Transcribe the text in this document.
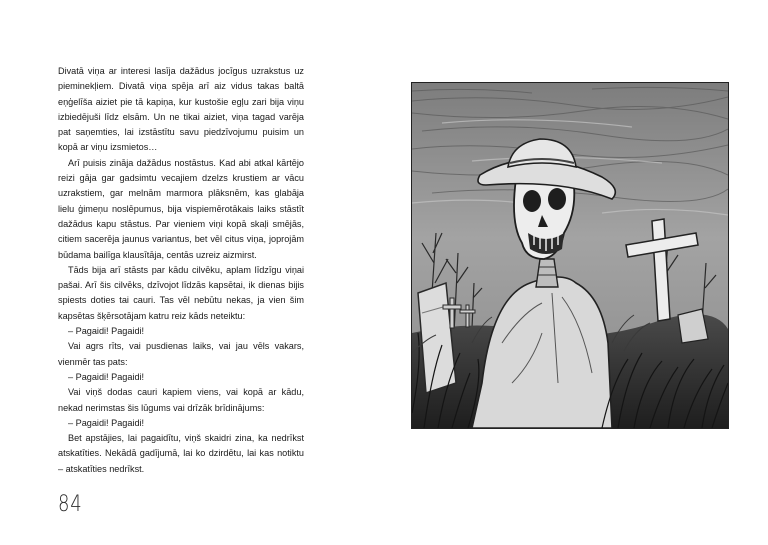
Divatā viņa ar interesi lasīja dažādus jocīgus uzrakstus uz pieminekļiem. Divatā viņa spēja arī aiz vidus takas baltā eņģelīša aiziet pie tā kapiņa, kur kustošie egļu zari bija viņu izbiedējuši līdz elsām. Un ne tikai aiziet, viņa tagad varēja pat saņemties, lai izstāstītu savu piedzīvojumu puisim un kopā ar viņu izsmietos…

Arī puisis zināja dažādus nostāstus. Kad abi atkal kārtējo reizi gāja gar gadsimtu vecajiem dzelzs krustiem ar vācu uzrakstiem, gar melnām marmora plāksnēm, kas glabāja lielu ģimeņu noslēpumus, bija vispiemērotākais laiks stāstīt dažādus kapu stāstus. Par vieniem viņi kopā skaļi smējās, citiem sacerēja jaunus variantus, bet vēl citus viņa, joprojām būdama bailīga klausītāja, centās uzreiz aizmirst.

Tāds bija arī stāsts par kādu cilvēku, aplam līdzīgu viņai pašai. Arī šis cilvēks, dzīvojot līdzās kapsētai, ik dienas bijis spiests doties tai cauri. Tas vēl nebūtu nekas, ja vien šim kapsētas šķērsotājam katru reiz kāds neteiktu:

– Pagaidi! Pagaidi!

Vai agrs rīts, vai pusdienas laiks, vai jau vēls vakars, vienmēr tas pats:

– Pagaidi! Pagaidi!

Vai viņš dodas cauri kapiem viens, vai kopā ar kādu, nekad nerimstas šis lūgums vai drīzāk brīdinājums:

– Pagaidi! Pagaidi!

Bet apstājies, lai pagaidītu, viņš skaidri zina, ka nedrīkst atskatīties. Nekādā gadījumā, lai ko dzirdētu, lai kas notiktu – atskatīties nedrīkst.

84
